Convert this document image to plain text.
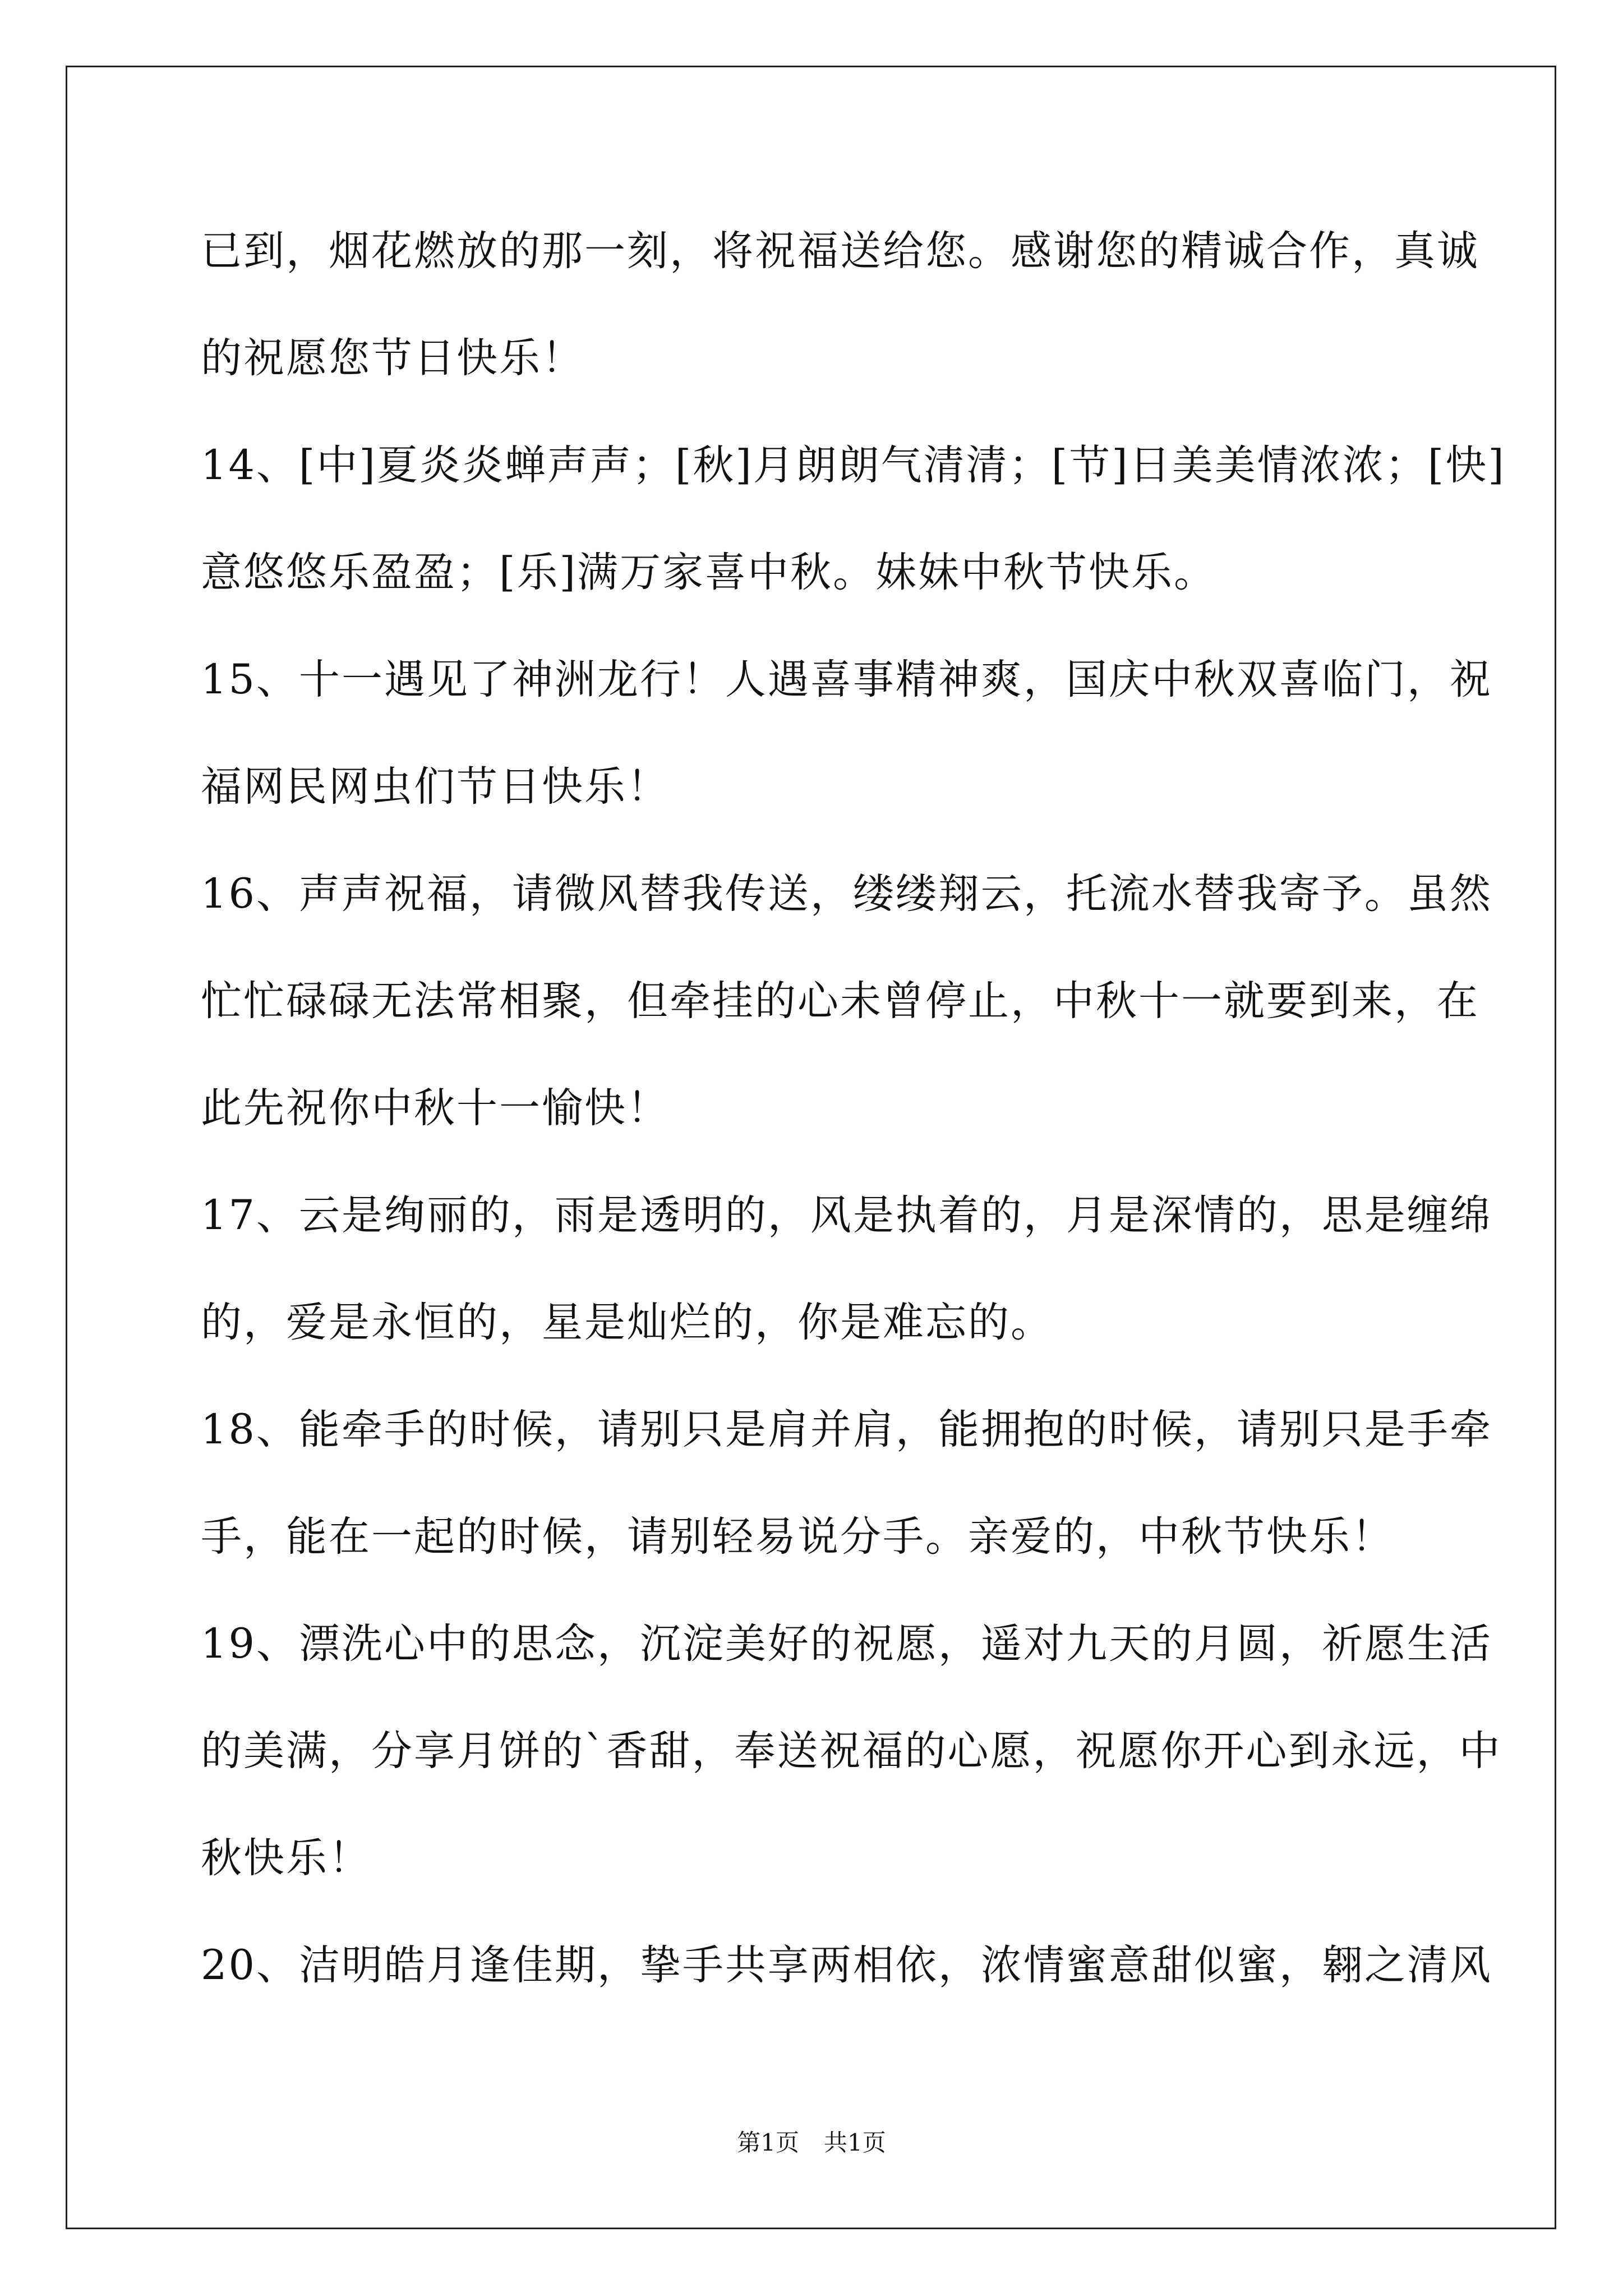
已到，烟花燃放的那一刻，将祝福送给您。感谢您的精诚合作，真诚
的祝愿您节日快乐！
14、[中]夏炎炎蝉声声；[秋]月朗朗气清清；[节]日美美情浓浓；[快]
意悠悠乐盈盈；[乐]满万家喜中秋。妹妹中秋节快乐。
15、十一遇见了神洲龙行！人遇喜事精神爽，国庆中秋双喜临门，祝
福网民网虫们节日快乐！
16、声声祝福，请微风替我传送，缕缕翔云，托流水替我寄予。虽然
忙忙碌碌无法常相聚，但牵挂的心未曾停止，中秋十一就要到来，在
此先祝你中秋十一愉快！
17、云是绚丽的，雨是透明的，风是执着的，月是深情的，思是缠绵
的，爱是永恒的，星是灿烂的，你是难忘的。
18、能牵手的时候，请别只是肩并肩，能拥抱的时候，请别只是手牵
手，能在一起的时候，请别轻易说分手。亲爱的，中秋节快乐！
19、漂洗心中的思念，沉淀美好的祝愿，遥对九天的月圆，祈愿生活
的美满，分享月饼的`香甜，奉送祝福的心愿，祝愿你开心到永远，中
秋快乐！
20、洁明皓月逢佳期，挚手共享两相依，浓情蜜意甜似蜜，翱之清风
第1页 共1页
